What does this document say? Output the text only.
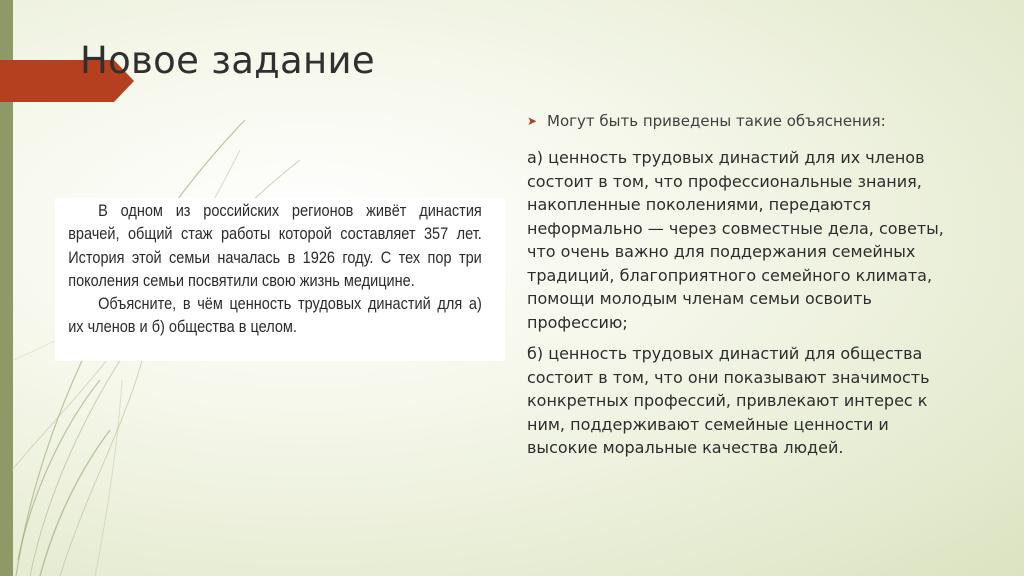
Новое задание

В одном из российских регионов живёт династия врачей, общий стаж работы которой составляет 357 лет. История этой семьи началась в 1926 году. С тех пор три поколения семьи посвятили свою жизнь медицине.

Объясните, в чём ценность трудовых династий для а) их членов и б) общества в целом.

➤ Могут быть приведены такие объяснения:

а) ценность трудовых династий для их членов состоит в том, что профессиональные знания, накопленные поколениями, передаются неформально — через совместные дела, советы, что очень важно для поддержания семейных традиций, благоприятного семейного климата, помощи молодым членам семьи освоить профессию;

б) ценность трудовых династий для общества состоит в том, что они показывают значимость конкретных профессий, привлекают интерес к ним, поддерживают семейные ценности и высокие моральные качества людей.
